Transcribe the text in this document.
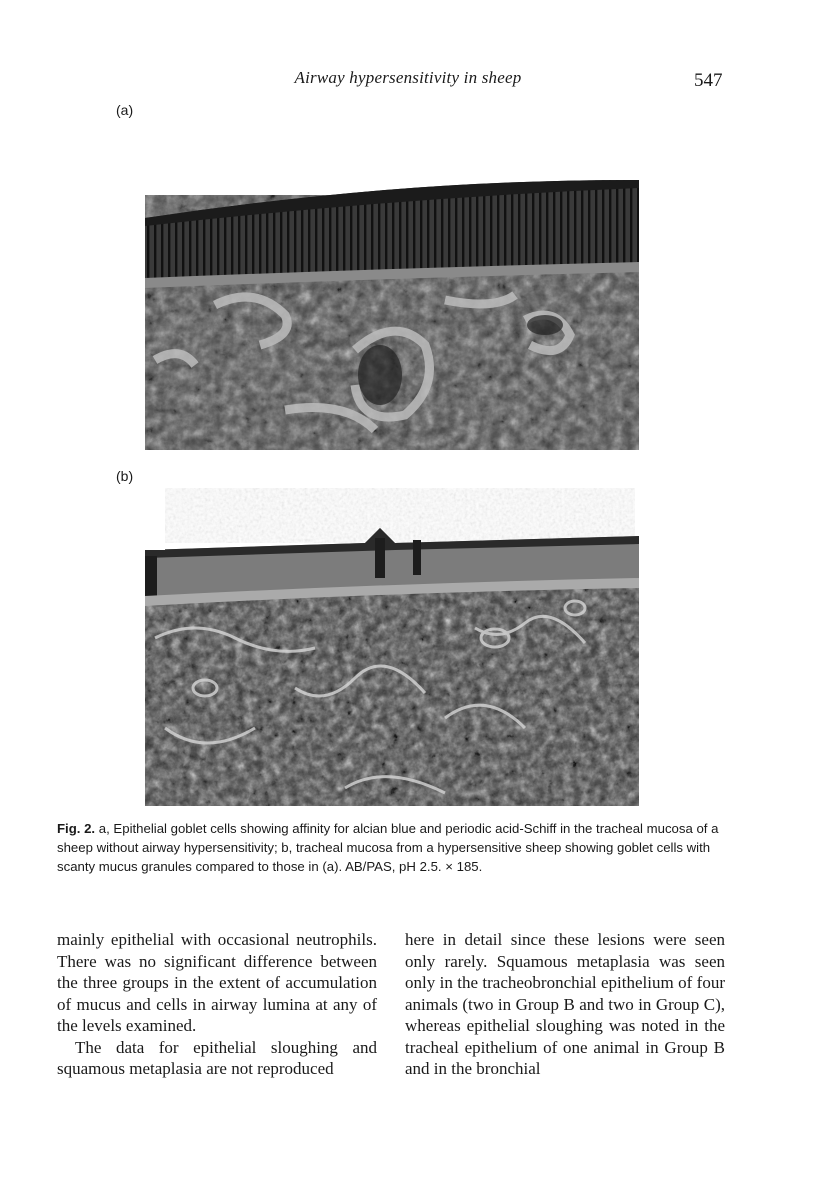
Airway hypersensitivity in sheep	547
(a)
(b)
Fig. 2. a, Epithelial goblet cells showing affinity for alcian blue and periodic acid-Schiff in the tracheal mucosa of a sheep without airway hypersensitivity; b, tracheal mucosa from a hypersensitive sheep showing goblet cells with scanty mucus granules compared to those in (a). AB/PAS, pH 2.5. × 185.

mainly epithelial with occasional neutrophils. There was no significant difference between the three groups in the extent of accumulation of mucus and cells in airway lumina at any of the levels examined.

The data for epithelial sloughing and squamous metaplasia are not reproduced

here in detail since these lesions were seen only rarely. Squamous metaplasia was seen only in the tracheobronchial epithelium of four animals (two in Group B and two in Group C), whereas epithelial sloughing was noted in the tracheal epithelium of one animal in Group B and in the bronchial
